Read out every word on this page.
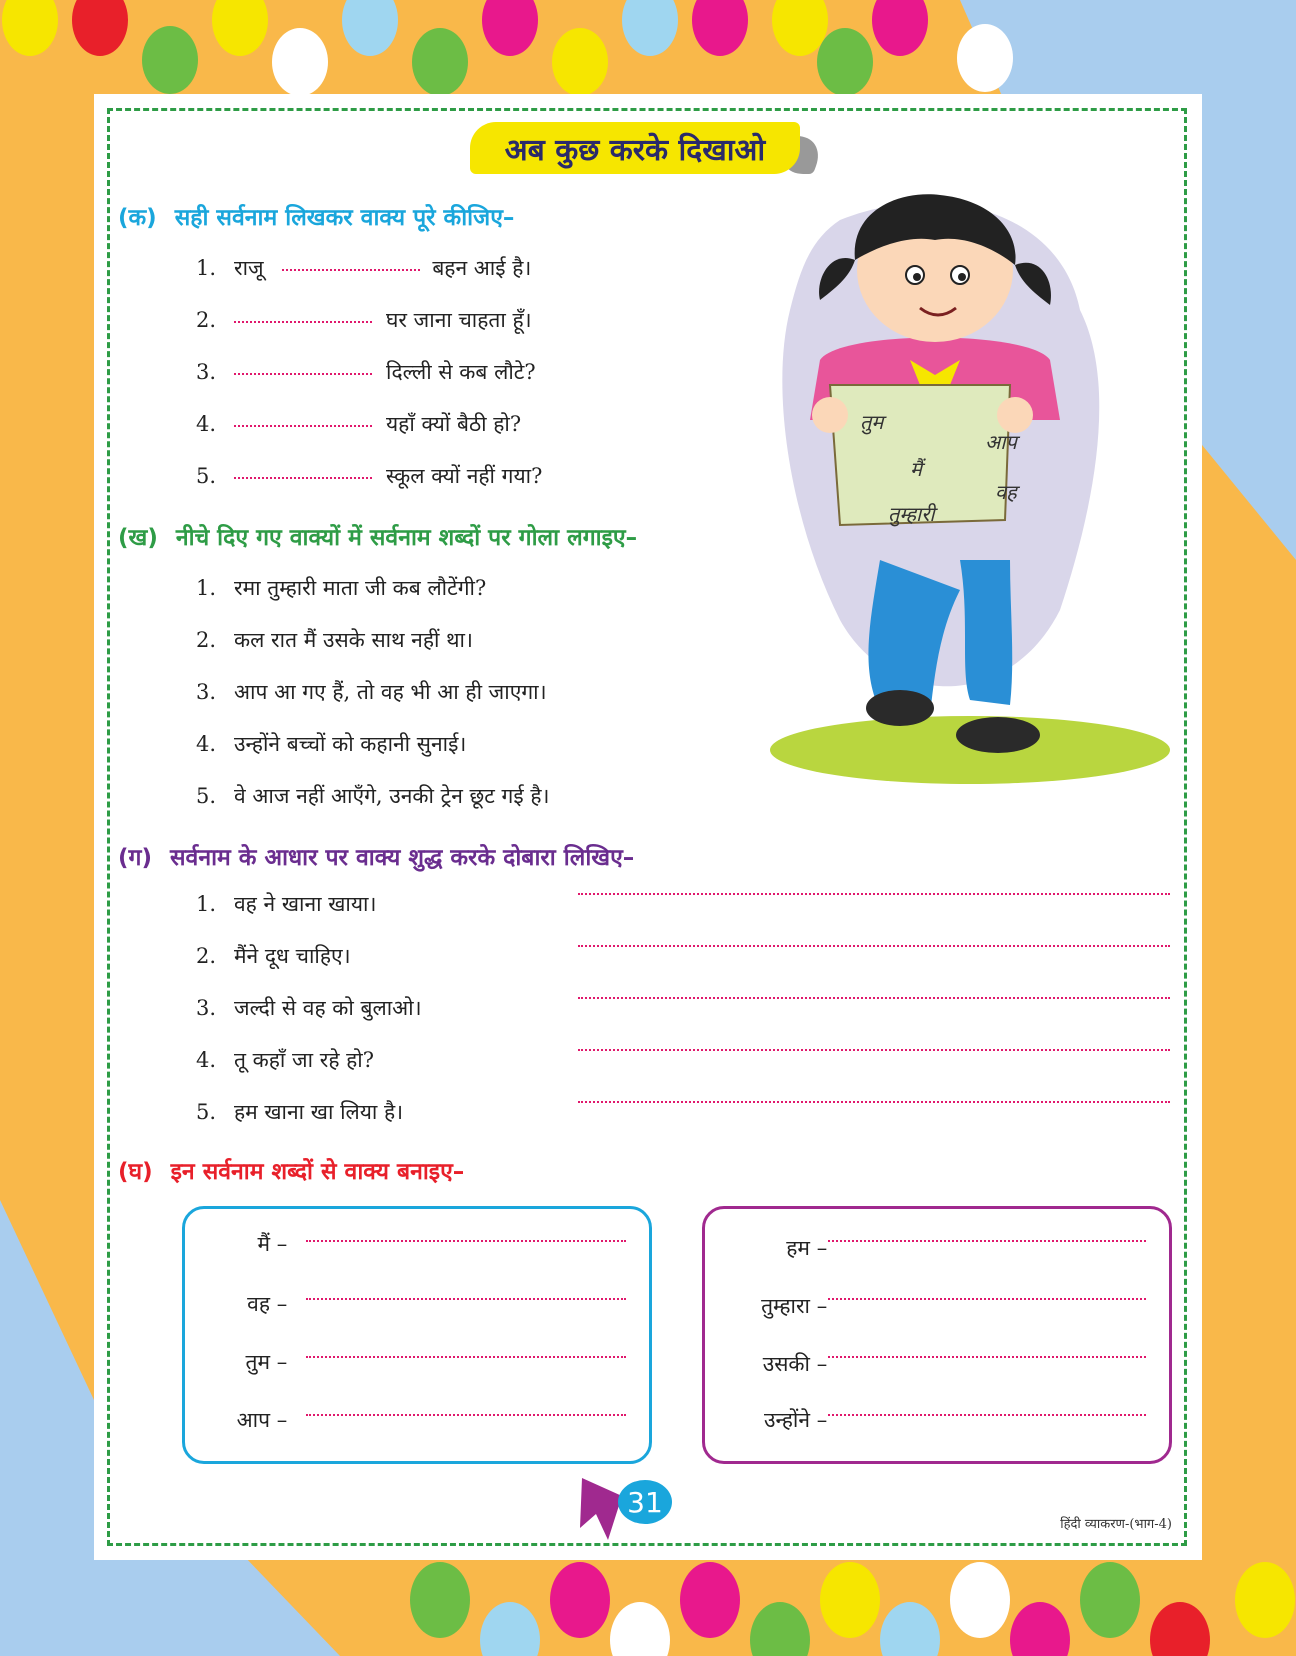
अब कुछ करके दिखाओ
तुम
आप
मैं
वह
तुम्हारी
(क) सही सर्वनाम लिखकर वाक्य पूरे कीजिए–
1. राजू	बहन आई है।
2.	घर जाना चाहता हूँ।
3.	दिल्ली से कब लौटे?
4.	यहाँ क्यों बैठी हो?
5.	स्कूल क्यों नहीं गया?
(ख) नीचे दिए गए वाक्यों में सर्वनाम शब्दों पर गोला लगाइए–
1. रमा तुम्हारी माता जी कब लौटेंगी?
2. कल रात मैं उसके साथ नहीं था।
3. आप आ गए हैं, तो वह भी आ ही जाएगा।
4. उन्होंने बच्चों को कहानी सुनाई।
5. वे आज नहीं आएँगे, उनकी ट्रेन छूट गई है।
(ग) सर्वनाम के आधार पर वाक्य शुद्ध करके दोबारा लिखिए–
1. वह ने खाना खाया।
2. मैंने दूध चाहिए।
3. जल्दी से वह को बुलाओ।
4. तू कहाँ जा रहे हो?
5. हम खाना खा लिया है।
(घ) इन सर्वनाम शब्दों से वाक्य बनाइए–
मैं –
वह –
तुम –
आप –
हम –
तुम्हारा –
उसकी –
उन्होंने –
31
हिंदी व्याकरण-(भाग-4)
